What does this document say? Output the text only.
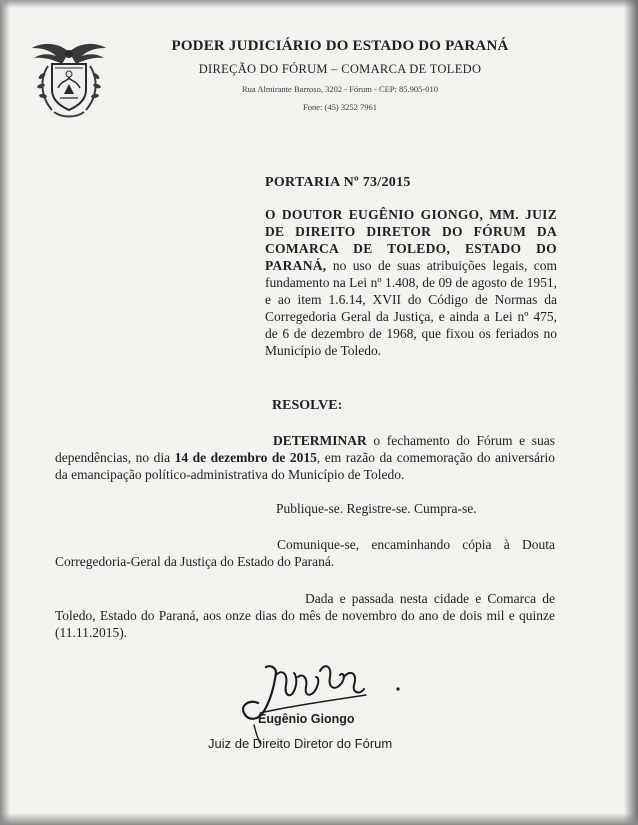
PODER JUDICIÁRIO DO ESTADO DO PARANÁ
DIREÇÃO DO FÓRUM – COMARCA DE TOLEDO
Rua Almirante Barroso, 3202 - Fórum - CEP: 85.905-010
Fone: (45) 3252 7961
PORTARIA Nº 73/2015
O DOUTOR EUGÊNIO GIONGO, MM. JUIZ DE DIREITO DIRETOR DO FÓRUM DA COMARCA DE TOLEDO, ESTADO DO PARANÁ, no uso de suas atribuições legais, com fundamento na Lei nº 1.408, de 09 de agosto de 1951, e ao item 1.6.14, XVII do Código de Normas da Corregedoria Geral da Justiça, e ainda a Lei nº 475, de 6 de dezembro de 1968, que fixou os feriados no Município de Toledo.
RESOLVE:
DETERMINAR o fechamento do Fórum e suas dependências, no dia 14 de dezembro de 2015, em razão da comemoração do aniversário da emancipação político-administrativa do Município de Toledo.
Publique-se. Registre-se. Cumpra-se.
Comunique-se, encaminhando cópia à Douta Corregedoria-Geral da Justiça do Estado do Paraná.
Dada e passada nesta cidade e Comarca de Toledo, Estado do Paraná, aos onze dias do mês de novembro do ano de dois mil e quinze (11.11.2015).
Eugênio Giongo
Juiz de Direito Diretor do Fórum
